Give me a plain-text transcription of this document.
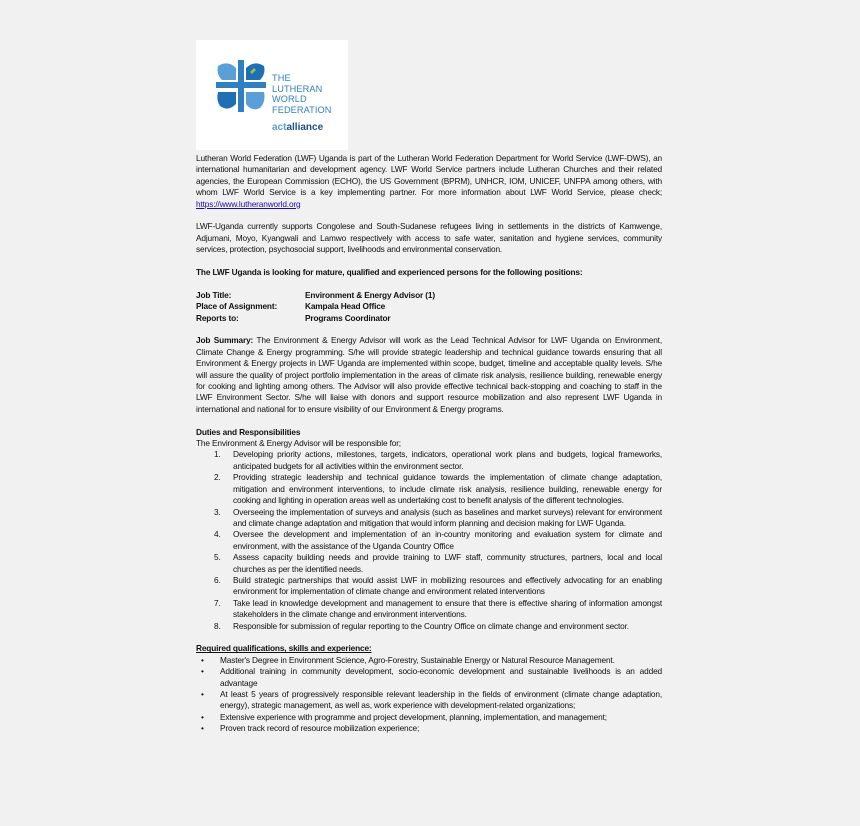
THE
LUTHERAN
WORLD
FEDERATION
actalliance

Lutheran World Federation (LWF) Uganda is part of the Lutheran World Federation Department for World Service (LWF-DWS), an international humanitarian and development agency. LWF World Service partners include Lutheran Churches and their related agencies, the European Commission (ECHO), the US Government (BPRM), UNHCR, IOM, UNICEF, UNFPA among others, with whom LWF World Service is a key implementing partner. For more information about LWF World Service, please check; https://www.lutheranworld.org

LWF-Uganda currently supports Congolese and South-Sudanese refugees living in settlements in the districts of Kamwenge, Adjumani, Moyo, Kyangwali and Lamwo respectively with access to safe water, sanitation and hygiene services, community services, protection, psychosocial support, livelihoods and environmental conservation.

The LWF Uganda is looking for mature, qualified and experienced persons for the following positions:

Job Title:	Environment & Energy Advisor (1)
Place of Assignment:	Kampala Head Office
Reports to:	Programs Coordinator

Job Summary: The Environment & Energy Advisor will work as the Lead Technical Advisor for LWF Uganda on Environment, Climate Change & Energy programming. S/he will provide strategic leadership and technical guidance towards ensuring that all Environment & Energy projects in LWF Uganda are implemented within scope, budget, timeline and acceptable quality levels. S/he will assure the quality of project portfolio implementation in the areas of climate risk analysis, resilience building, renewable energy for cooking and lighting among others. The Advisor will also provide effective technical back-stopping and coaching to staff in the LWF Environment Sector. S/he will liaise with donors and support resource mobilization and also represent LWF Uganda in international and national for to ensure visibility of our Environment & Energy programs.

Duties and Responsibilities

The Environment & Energy Advisor will be responsible for;

1. Developing priority actions, milestones, targets, indicators, operational work plans and budgets, logical frameworks, anticipated budgets for all activities within the environment sector.
2. Providing strategic leadership and technical guidance towards the implementation of climate change adaptation, mitigation and environment interventions, to include climate risk analysis, resilience building, renewable energy for cooking and lighting in operation areas well as undertaking cost to benefit analysis of the different technologies.
3. Overseeing the implementation of surveys and analysis (such as baselines and market surveys) relevant for environment and climate change adaptation and mitigation that would inform planning and decision making for LWF Uganda.
4. Oversee the development and implementation of an in-country monitoring and evaluation system for climate and environment, with the assistance of the Uganda Country Office
5. Assess capacity building needs and provide training to LWF staff, community structures, partners, local and local churches as per the identified needs.
6. Build strategic partnerships that would assist LWF in mobilizing resources and effectively advocating for an enabling environment for implementation of climate change and environment related interventions
7. Take lead in knowledge development and management to ensure that there is effective sharing of information amongst stakeholders in the climate change and environment interventions.
8. Responsible for submission of regular reporting to the Country Office on climate change and environment sector.

Required qualifications, skills and experience:

• Master's Degree in Environment Science, Agro-Forestry, Sustainable Energy or Natural Resource Management.
• Additional training in community development, socio-economic development and sustainable livelihoods is an added advantage
• At least 5 years of progressively responsible relevant leadership in the fields of environment (climate change adaptation, energy), strategic management, as well as, work experience with development-related organizations;
• Extensive experience with programme and project development, planning, implementation, and management;
• Proven track record of resource mobilization experience;
